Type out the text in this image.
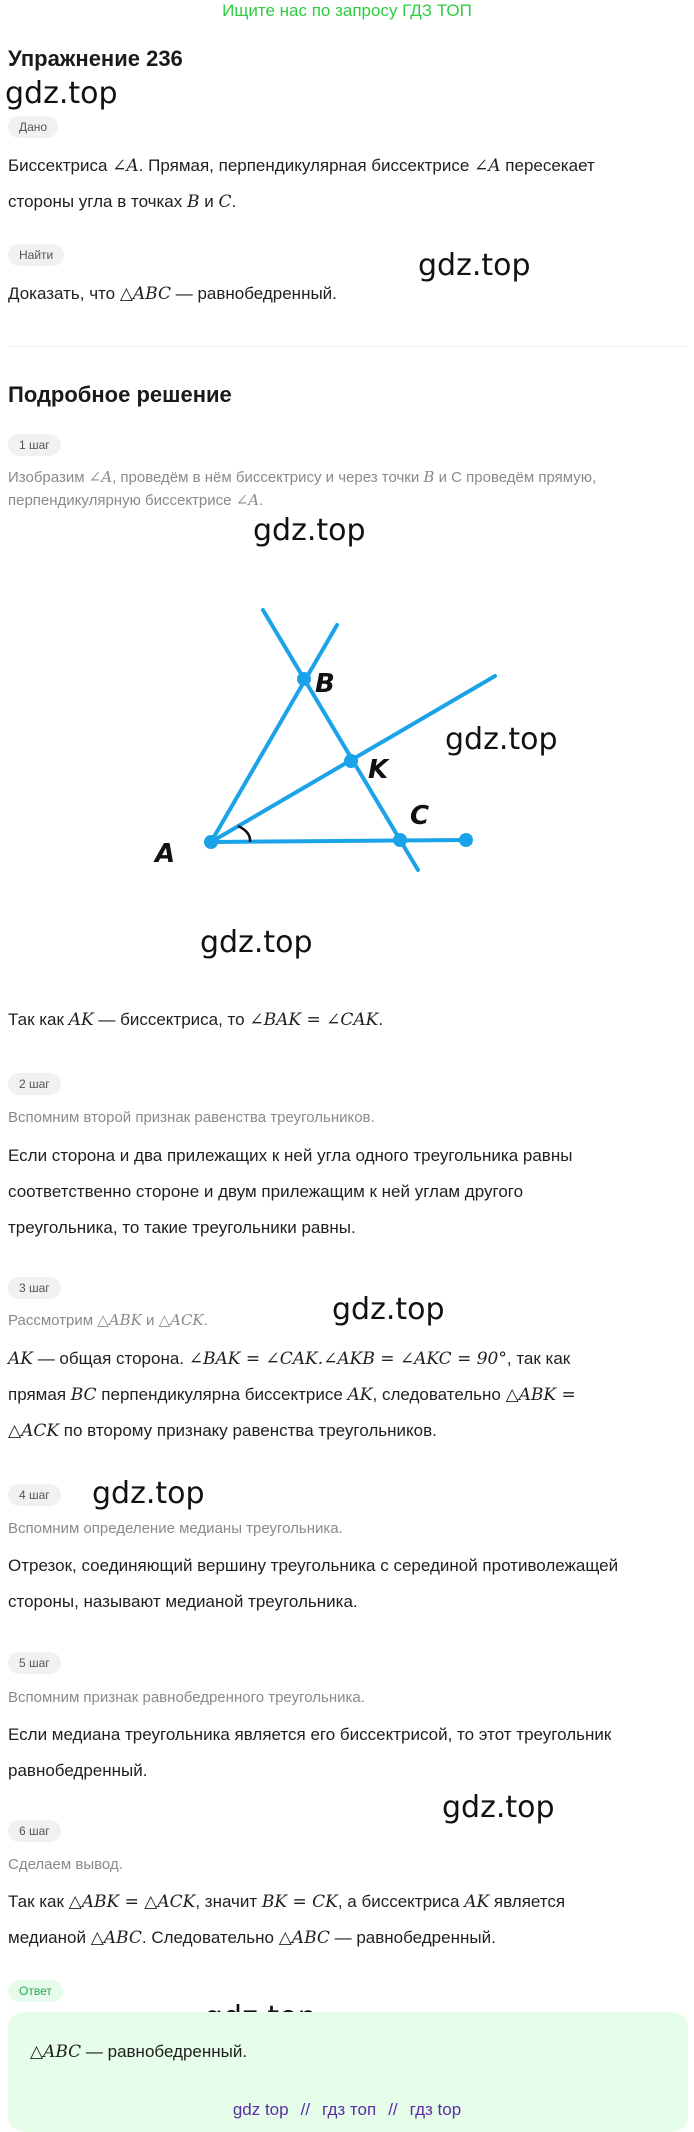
Ищите нас по запросу ГДЗ ТОП
Упражнение 236
gdz.top
gdz.top
gdz.top
gdz.top
gdz.top
gdz.top
gdz.top
gdz.top
Дано
Биссектриса ∠A. Прямая, перпендикулярная биссектрисе ∠A пересекает
стороны угла в точках B и C.
Найти
Доказать, что △ABC — равнобедренный.
Подробное решение
1 шаг
Изобразим ∠A, проведём в нём биссектрису и через точки B и C проведём прямую,
перпендикулярную биссектрисе ∠A.
A
B
K
C
Так как AK — биссектриса, то ∠BAK = ∠CAK.
2 шаг
Вспомним второй признак равенства треугольников.
Если сторона и два прилежащих к ней угла одного треугольника равны
соответственно стороне и двум прилежащим к ней углам другого
треугольника, то такие треугольники равны.
3 шаг
Рассмотрим △ABK и △ACK.
AK — общая сторона. ∠BAK = ∠CAK.∠AKB = ∠AKC = 90°, так как
прямая BC перпендикулярна биссектрисе AK, следовательно △ABK =
△ACK по второму признаку равенства треугольников.
4 шаг
Вспомним определение медианы треугольника.
Отрезок, соединяющий вершину треугольника с серединой противолежащей
стороны, называют медианой треугольника.
5 шаг
Вспомним признак равнобедренного треугольника.
Если медиана треугольника является его биссектрисой, то этот треугольник
равнобедренный.
6 шаг
Сделаем вывод.
Так как △ABK = △ACK, значит BK = CK, а биссектриса AK является
медианой △ABC. Следовательно △ABC — равнобедренный.
Ответ
△ABC — равнобедренный.
gdz top // гдз топ // гдз top
